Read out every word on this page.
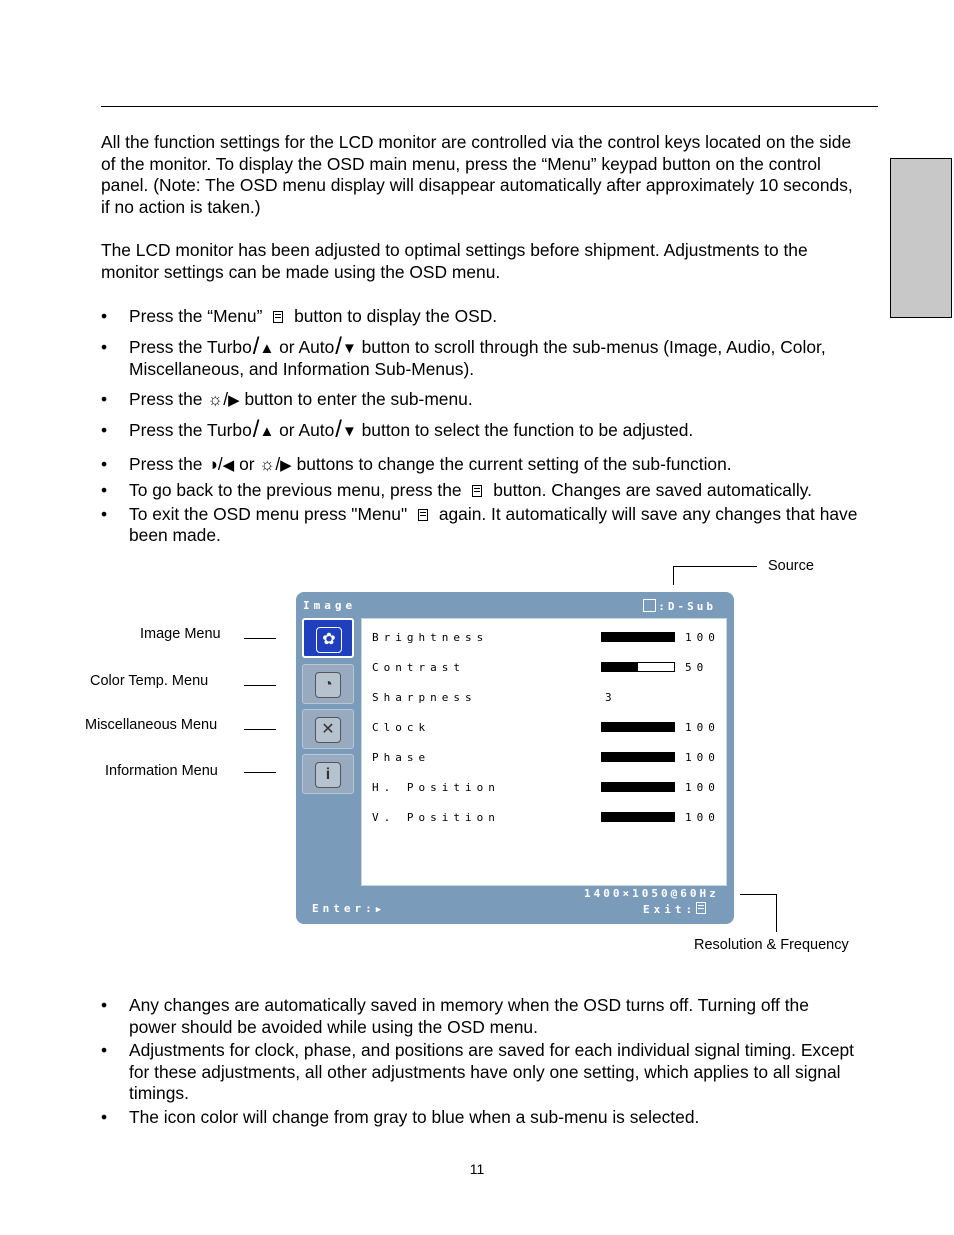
All the function settings for the LCD monitor are controlled via the control keys located on the side of the monitor. To display the OSD main menu, press the “Menu” keypad button on the control panel. (Note: The OSD menu display will disappear automatically after approximately 10 seconds, if no action is taken.)

The LCD monitor has been adjusted to optimal settings before shipment. Adjustments to the monitor settings can be made using the OSD menu.

•
Press the “Menu” button to display the OSD.
•
Press the Turbo/▲ or Auto/▼ button to scroll through the sub-menus (Image, Audio, Color, Miscellaneous, and Information Sub-Menus).
•
Press the ☼/▶ button to enter the sub-menu.
•
Press the Turbo/▲ or Auto/▼ button to select the function to be adjusted.
•
Press the ◑/◀ or ☼/▶ buttons to change the current setting of the sub-function.
•
To go back to the previous menu, press the button. Changes are saved automatically.
•
To exit the OSD menu press "Menu" again. It automatically will save any changes that have been made.
Source
Image Menu
Color Temp. Menu
Miscellaneous Menu
Information Menu
Resolution & Frequency
Image	:D-Sub
✿
◔
✕
i
Brightness	100
Contrast	50
Sharpness	3
Clock	100
Phase	100
H. Position	100
V. Position	100
1400×1050@60Hz
Enter:▶	Exit:
•
Any changes are automatically saved in memory when the OSD turns off. Turning off the power should be avoided while using the OSD menu.
•
Adjustments for clock, phase, and positions are saved for each individual signal timing. Except for these adjustments, all other adjustments have only one setting, which applies to all signal timings.
•
The icon color will change from gray to blue when a sub-menu is selected.
11
